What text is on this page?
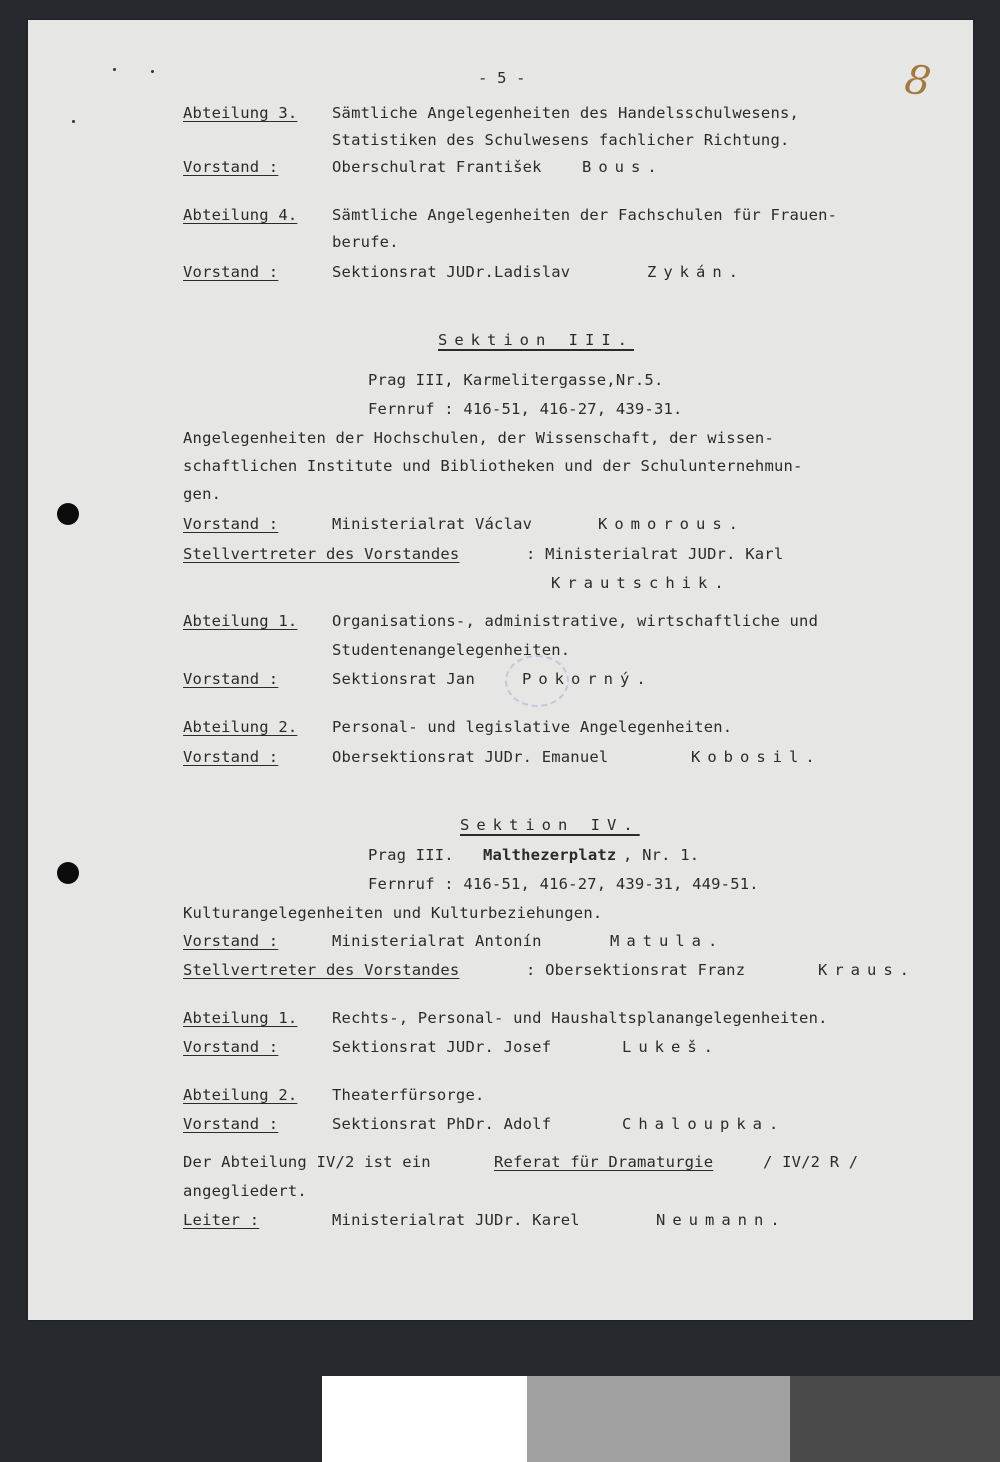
8
- 5 -
Abteilung 3. Sämtliche Angelegenheiten des Handelsschulwesens,
Statistiken des Schulwesens fachlicher Richtung.
Vorstand :	Oberschulrat František	Bous.
Abteilung 4. Sämtliche Angelegenheiten der Fachschulen für Frauen-
berufe.
Vorstand :	Sektionsrat JUDr.Ladislav	Zykán.
Sektion III.
Prag III, Karmelitergasse,Nr.5.
Fernruf : 416-51, 416-27, 439-31.
Angelegenheiten der Hochschulen, der Wissenschaft, der wissen-
schaftlichen Institute und Bibliotheken und der Schulunternehmun-
gen.
Vorstand :	Ministerialrat Václav	Komorous.
Stellvertreter des Vorstandes	: Ministerialrat JUDr. Karl
Krautschik.
Abteilung 1. Organisations-, administrative, wirtschaftliche und
Studentenangelegenheiten.
Vorstand :	Sektionsrat Jan	Pokorný.
Abteilung 2. Personal- und legislative Angelegenheiten.
Vorstand :	Obersektionsrat JUDr. Emanuel	Kobosil.
Sektion IV.
Prag III. Malthezerplatz , Nr. 1.
Fernruf : 416-51, 416-27, 439-31, 449-51.
Kulturangelegenheiten und Kulturbeziehungen.
Vorstand :	Ministerialrat Antonín	Matula.
Stellvertreter des Vorstandes	: Obersektionsrat Franz	Kraus.
Abteilung 1. Rechts-, Personal- und Haushaltsplanangelegenheiten.
Vorstand :	Sektionsrat JUDr. Josef	Lukeš.
Abteilung 2. Theaterfürsorge.
Vorstand :	Sektionsrat PhDr. Adolf	Chaloupka.
Der Abteilung IV/2 ist ein	Referat für Dramaturgie	/ IV/2 R /
angegliedert.
Leiter :	Ministerialrat JUDr. Karel	Neumann.
